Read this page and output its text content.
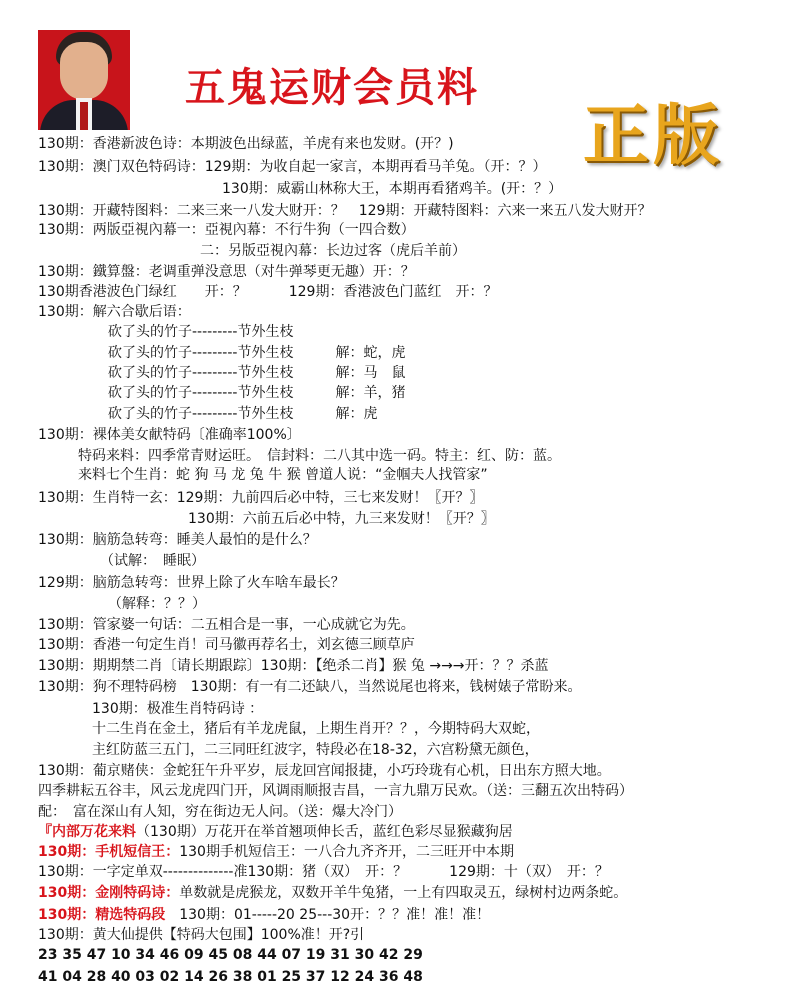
五鬼运财会员料
正版
130期：香港新波色诗：本期波色出绿蓝，羊虎有来也发财。(开？)
130期：澳门双色特码诗：129期：为收自起一家言，本期再看马羊兔。（开：？）
130期：威霸山林称大王，本期再看猪鸡羊。(开：？）
130期：开藏特图料：二来三来一八发大财开：？　129期：开藏特图料：六来一来五八发大财开？
130期：两版亞視內幕一：亞視內幕：不行牛狗（一四合数）
二：另版亞視內幕：长边过客（虎后羊前）
130期：鐵算盤：老调重弹没意思（对牛弹琴更无趣）开：？
130期香港波色门绿红　　开：？　　　129期：香港波色门蓝红　开：？
130期：解六合歇后语：
砍了头的竹子---------节外生枝
砍了头的竹子---------节外生枝　　　解：蛇，虎
砍了头的竹子---------节外生枝　　　解：马　鼠
砍了头的竹子---------节外生枝　　　解：羊，猪
砍了头的竹子---------节外生枝　　　解：虎
130期：裸体美女献特码〔准确率100%〕
特码来料：四季常青财运旺。　信封料：二八其中选一码。特主：红、防：蓝。
来料七个生肖：蛇 狗 马 龙 兔 牛 猴 曾道人说：“金帼夫人找管家”
130期：生肖特一玄：129期：九前四后必中特，三七来发财！〖开？〗
130期：六前五后必中特，九三来发财！〖开？〗
130期：脑筋急转弯：睡美人最怕的是什么？
（试解：　睡眠）
129期：脑筋急转弯：世界上除了火车啥车最长？
（解释：？？）
130期：管家婆一句话：二五相合是一事，一心成就它为先。
130期：香港一句定生肖！司马徽再荐名士，刘玄德三顾草庐
130期：期期禁二肖〔请长期跟踪〕130期：【绝杀二肖】猴 兔 →→→开：？？杀蓝
130期：狗不理特码榜　130期：有一有二还缺八，当然说尾也将来，钱树婊子常盼来。
130期：极准生肖特码诗 ：
十二生肖在金土，猪后有羊龙虎鼠，上期生肖开？？，今期特码大双蛇，
主红防蓝三五门，二三同旺红波字，特段必在18-32，六宫粉黛无颜色，
130期：葡京赌侠：金蛇狂午升平岁，辰龙回宫闻报捷，小巧玲珑有心机，日出东方照大地。
四季耕耘五谷丰，风云龙虎四门开，风调雨顺报吉昌，一言九鼎万民欢。（送：三翻五次出特码）
配：　富在深山有人知，穷在街边无人问。（送：爆大冷门）
『内部万花来料（130期）万花开在举首翘项伸长舌，蓝红色彩尽显猴藏狗居
130期：手机短信王：130期手机短信王：一八合九齐齐开，二三旺开中本期
130期：一字定单双--------------准130期：猪（双）　开：？　　　129期：十（双）　开：？
130期：金刚特码诗：单数就是虎猴龙，双数开羊牛兔猪，一上有四取灵五，绿树村边两条蛇。
130期：精选特码段　130期：01-----20 25---30开：？？准！准！准！
130期：黄大仙提供【特码大包围】100%准！开?引
23 35 47 10 34 46 09 45 08 44 07 19 31 30 42 29
41 04 28 40 03 02 14 26 38 01 25 37 12 24 36 48
